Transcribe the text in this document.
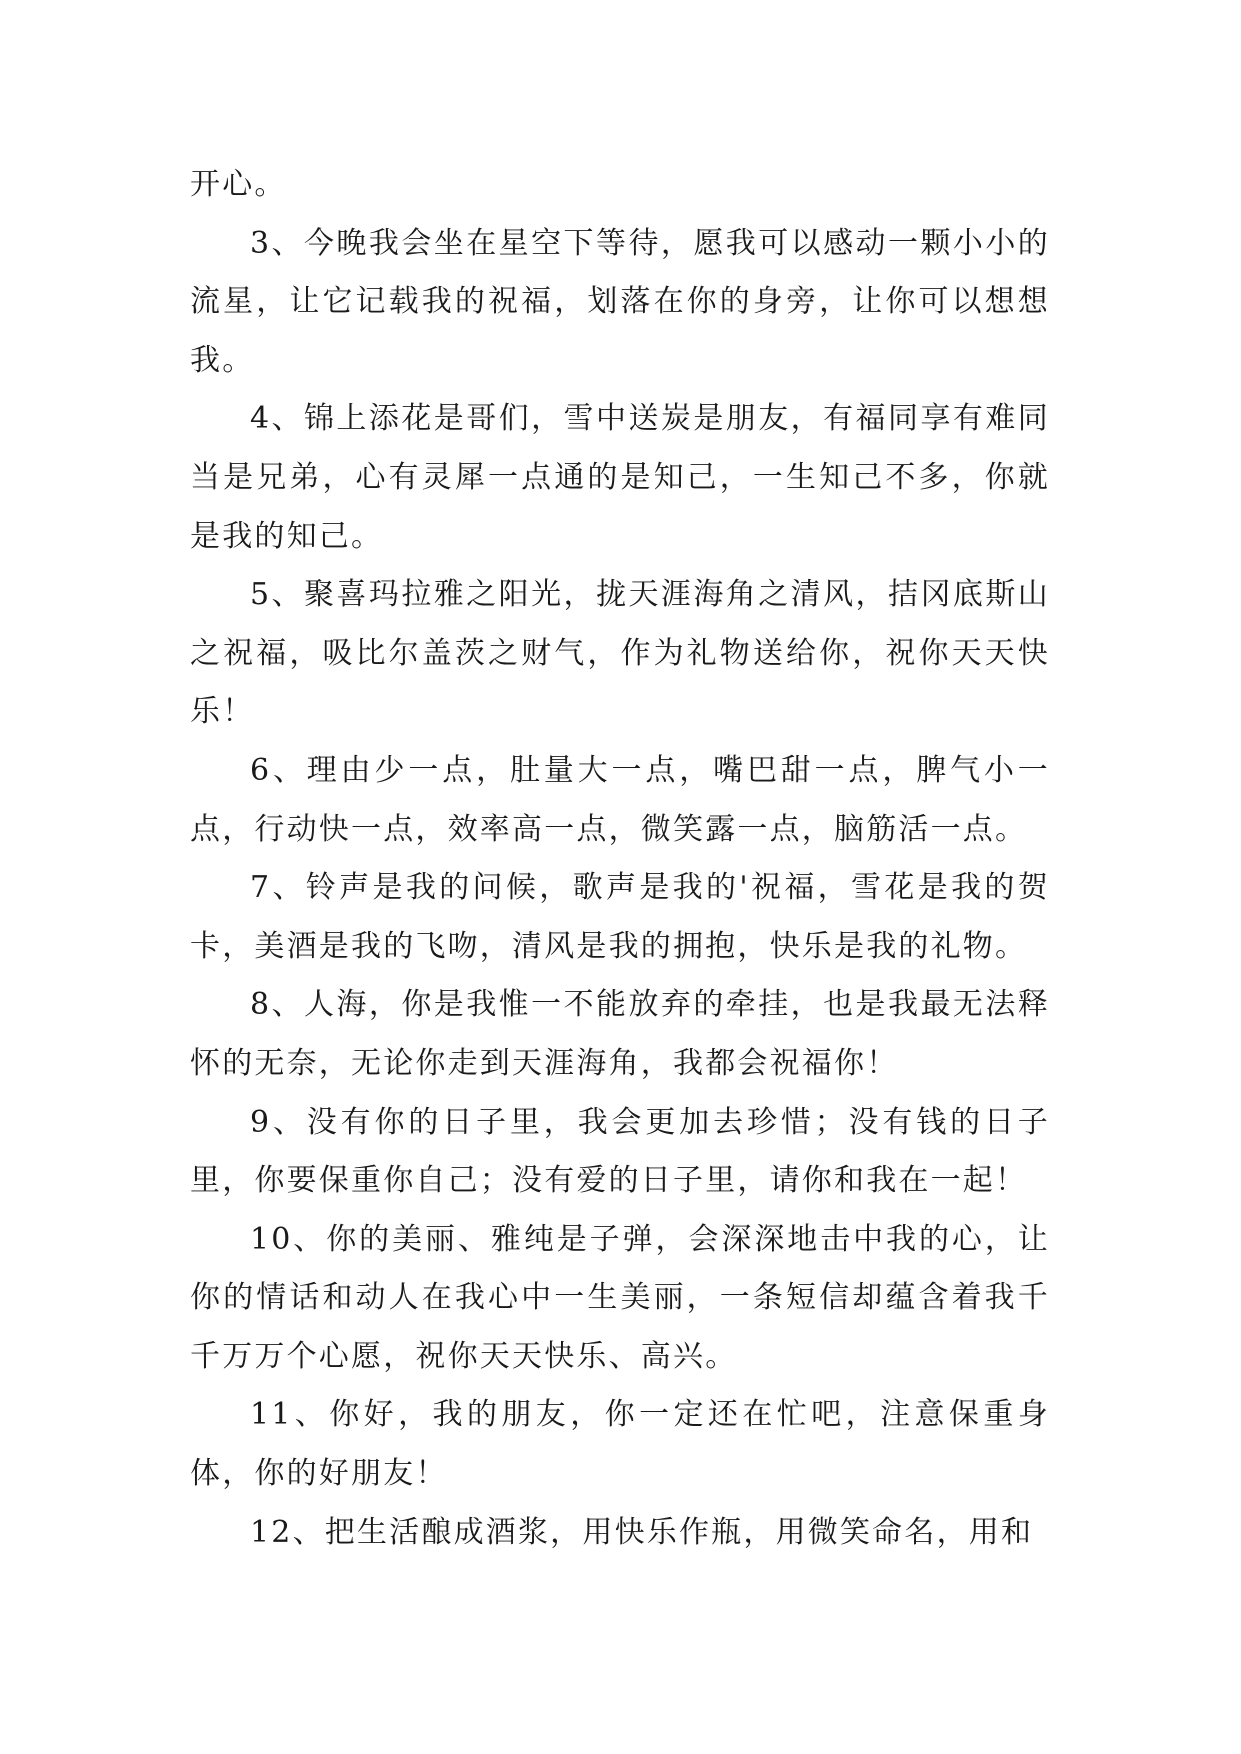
开心。

3、今晚我会坐在星空下等待，愿我可以感动一颗小小的流星，让它记载我的祝福，划落在你的身旁，让你可以想想我。

4、锦上添花是哥们，雪中送炭是朋友，有福同享有难同当是兄弟，心有灵犀一点通的是知己，一生知己不多，你就是我的知己。

5、聚喜玛拉雅之阳光，拢天涯海角之清风，拮冈底斯山之祝福，吸比尔盖茨之财气，作为礼物送给你，祝你天天快乐！

6、理由少一点，肚量大一点，嘴巴甜一点，脾气小一点，行动快一点，效率高一点，微笑露一点，脑筋活一点。

7、铃声是我的问候，歌声是我的'祝福，雪花是我的贺卡，美酒是我的飞吻，清风是我的拥抱，快乐是我的礼物。

8、人海，你是我惟一不能放弃的牵挂，也是我最无法释怀的无奈，无论你走到天涯海角，我都会祝福你！

9、没有你的日子里，我会更加去珍惜；没有钱的日子里，你要保重你自己；没有爱的日子里，请你和我在一起！

10、你的美丽、雅纯是子弹，会深深地击中我的心，让你的情话和动人在我心中一生美丽，一条短信却蕴含着我千千万万个心愿，祝你天天快乐、高兴。

11、你好，我的朋友，你一定还在忙吧，注意保重身体，你的好朋友！

12、把生活酿成酒浆，用快乐作瓶，用微笑命名，用和
